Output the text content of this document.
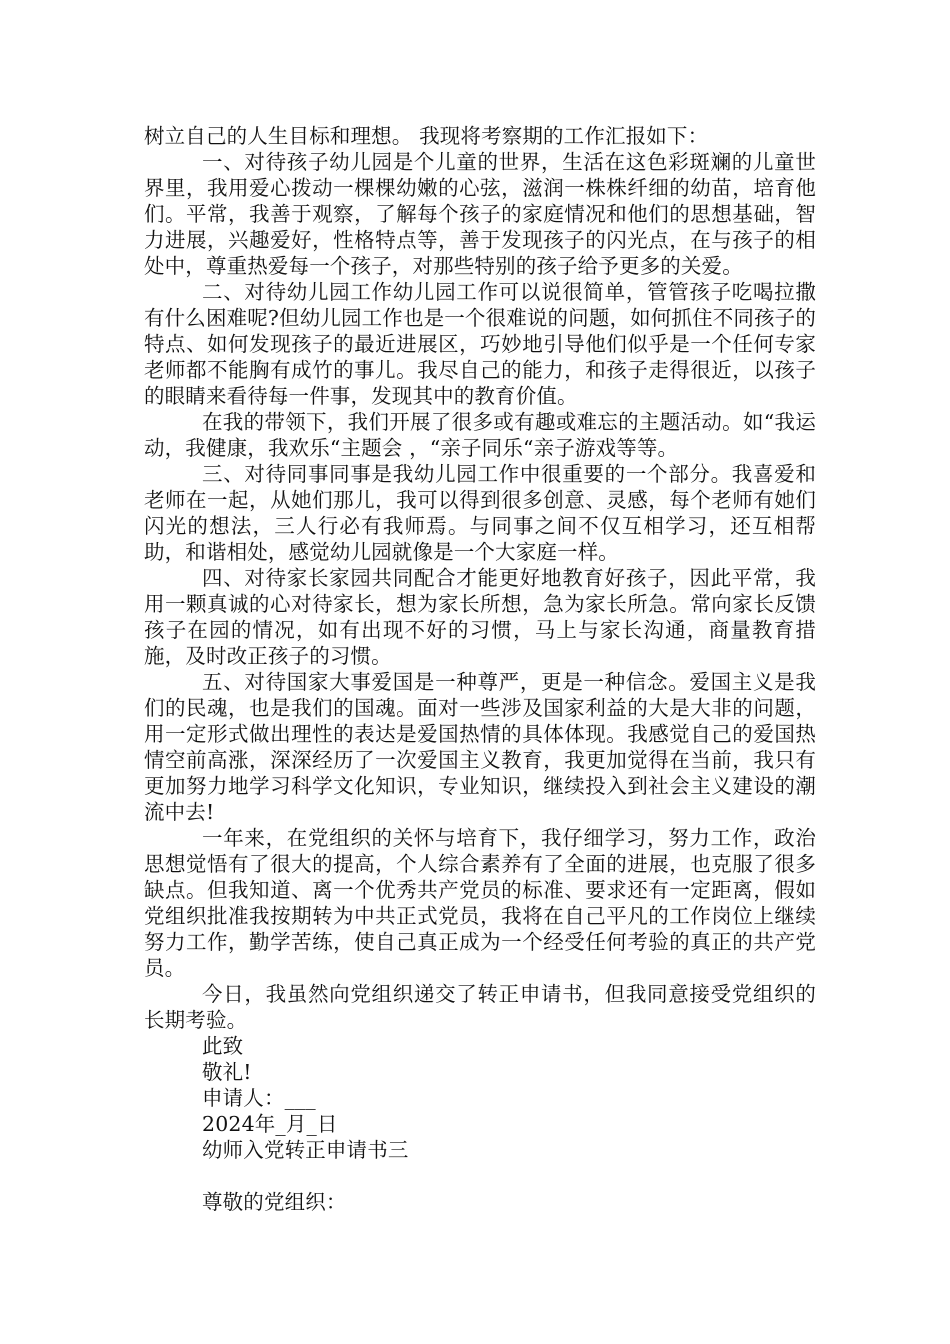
树立自己的人生目标和理想。 我现将考察期的工作汇报如下：

一、对待孩子幼儿园是个儿童的世界，生活在这色彩斑斓的儿童世界里，我用爱心拨动一棵棵幼嫩的心弦，滋润一株株纤细的幼苗，培育他们。平常，我善于观察，了解每个孩子的家庭情况和他们的思想基础，智力进展，兴趣爱好，性格特点等，善于发现孩子的闪光点，在与孩子的相处中，尊重热爱每一个孩子，对那些特别的孩子给予更多的关爱。

二、对待幼儿园工作幼儿园工作可以说很简单，管管孩子吃喝拉撒有什么困难呢?但幼儿园工作也是一个很难说的问题，如何抓住不同孩子的特点、如何发现孩子的最近进展区，巧妙地引导他们似乎是一个任何专家老师都不能胸有成竹的事儿。我尽自己的能力，和孩子走得很近，以孩子的眼睛来看待每一件事，发现其中的教育价值。

在我的带领下，我们开展了很多或有趣或难忘的主题活动。如“我运动，我健康，我欢乐“主题会 ，“亲子同乐“亲子游戏等等。

三、对待同事同事是我幼儿园工作中很重要的一个部分。我喜爱和老师在一起，从她们那儿，我可以得到很多创意、灵感，每个老师有她们闪光的想法，三人行必有我师焉。与同事之间不仅互相学习，还互相帮助，和谐相处，感觉幼儿园就像是一个大家庭一样。

四、对待家长家园共同配合才能更好地教育好孩子，因此平常，我用一颗真诚的心对待家长，想为家长所想，急为家长所急。常向家长反馈孩子在园的情况，如有出现不好的习惯，马上与家长沟通，商量教育措施，及时改正孩子的习惯。

五、对待国家大事爱国是一种尊严，更是一种信念。爱国主义是我们的民魂，也是我们的国魂。面对一些涉及国家利益的大是大非的问题，用一定形式做出理性的表达是爱国热情的具体体现。我感觉自己的爱国热情空前高涨，深深经历了一次爱国主义教育，我更加觉得在当前，我只有更加努力地学习科学文化知识，专业知识，继续投入到社会主义建设的潮流中去!

一年来，在党组织的关怀与培育下，我仔细学习，努力工作，政治思想觉悟有了很大的提高，个人综合素养有了全面的进展，也克服了很多缺点。但我知道、离一个优秀共产党员的标准、要求还有一定距离，假如党组织批准我按期转为中共正式党员，我将在自己平凡的工作岗位上继续努力工作，勤学苦练，使自己真正成为一个经受任何考验的真正的共产党员。

今日，我虽然向党组织递交了转正申请书，但我同意接受党组织的长期考验。

此致

敬礼!

申请人：___

2024年_月_日

幼师入党转正申请书三

尊敬的党组织：
